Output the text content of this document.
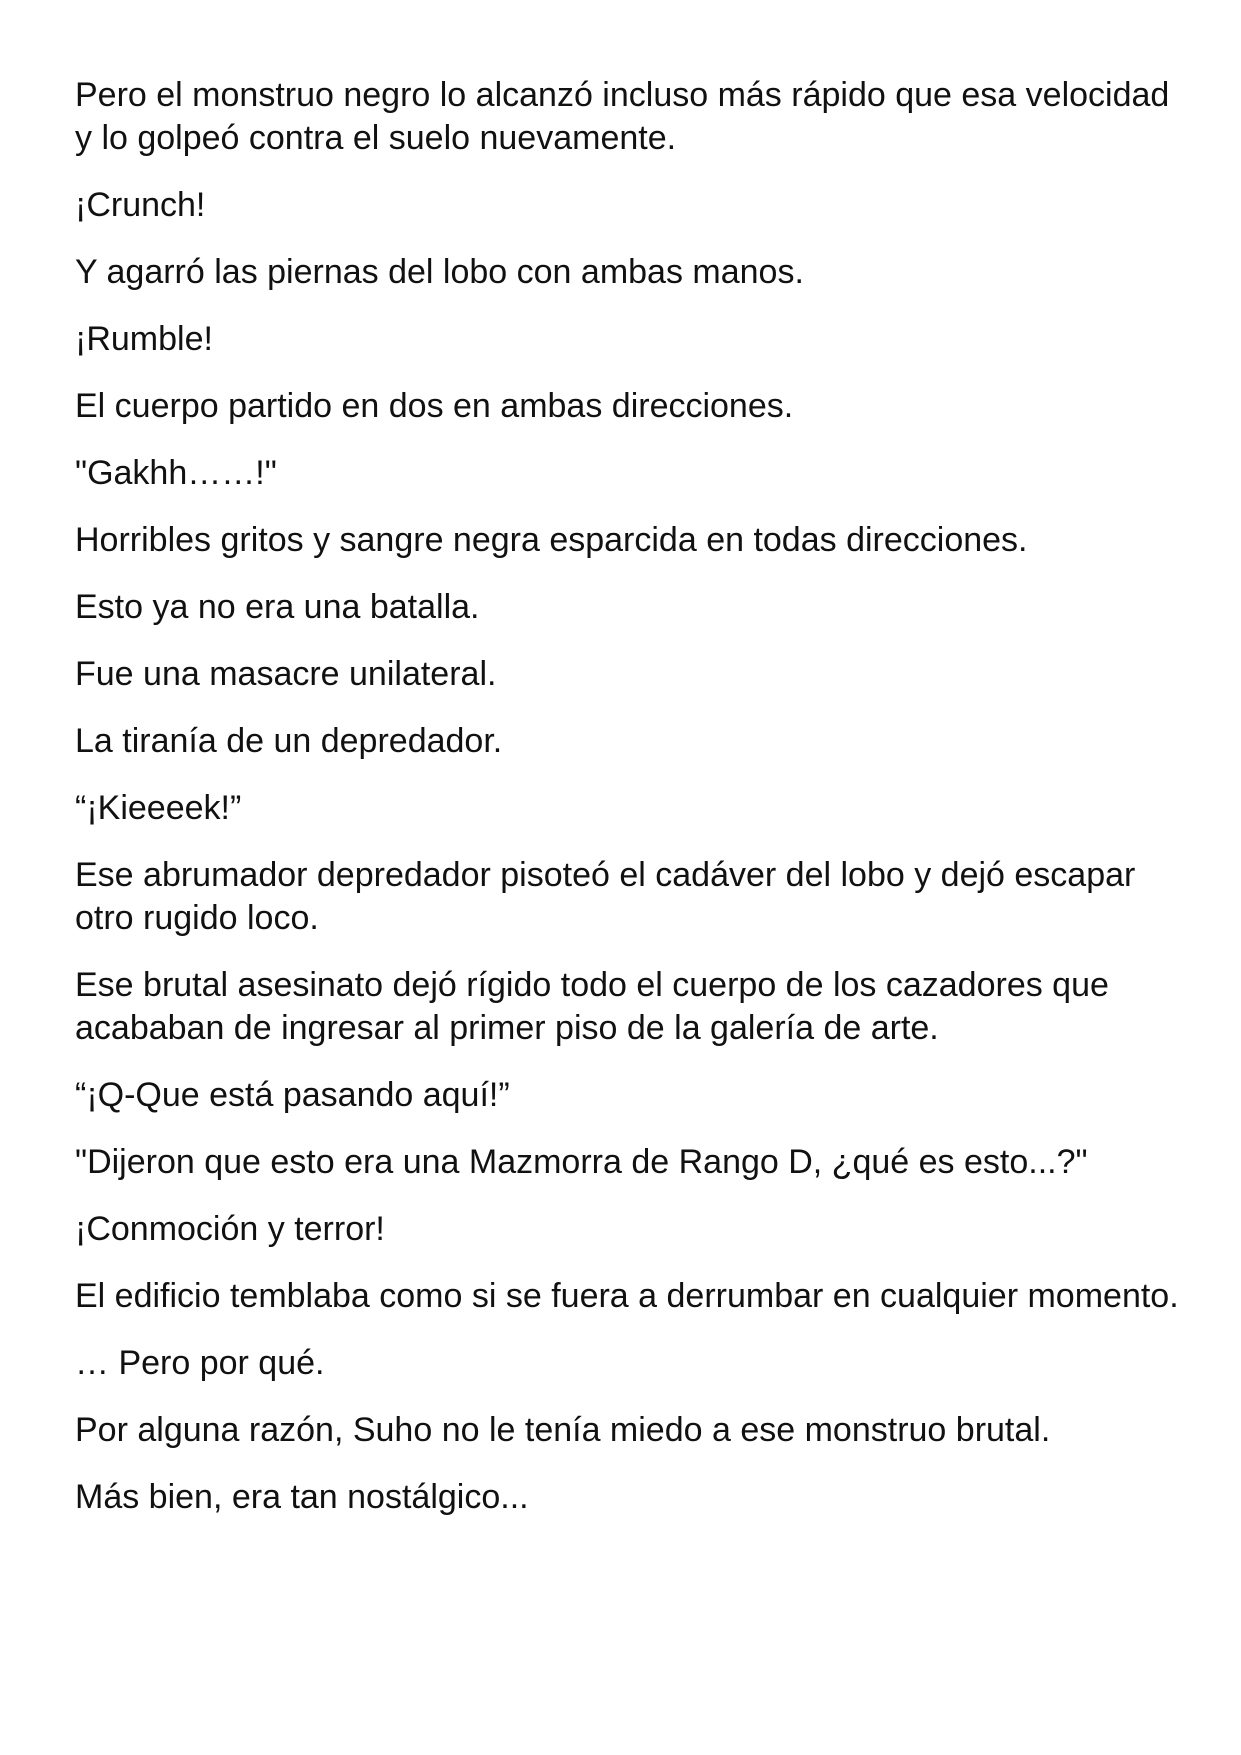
Pero el monstruo negro lo alcanzó incluso más rápido que esa velocidad y lo golpeó contra el suelo nuevamente.

¡Crunch!

Y agarró las piernas del lobo con ambas manos.

¡Rumble!

El cuerpo partido en dos en ambas direcciones.

"Gakhh……!"

Horribles gritos y sangre negra esparcida en todas direcciones.

Esto ya no era una batalla.

Fue una masacre unilateral.

La tiranía de un depredador.

“¡Kieeeek!”

Ese abrumador depredador pisoteó el cadáver del lobo y dejó escapar otro rugido loco.

Ese brutal asesinato dejó rígido todo el cuerpo de los cazadores que acababan de ingresar al primer piso de la galería de arte.

“¡Q-Que está pasando aquí!”

"Dijeron que esto era una Mazmorra de Rango D, ¿qué es esto...?"

¡Conmoción y terror!

El edificio temblaba como si se fuera a derrumbar en cualquier momento.

… Pero por qué.

Por alguna razón, Suho no le tenía miedo a ese monstruo brutal.

Más bien, era tan nostálgico...
